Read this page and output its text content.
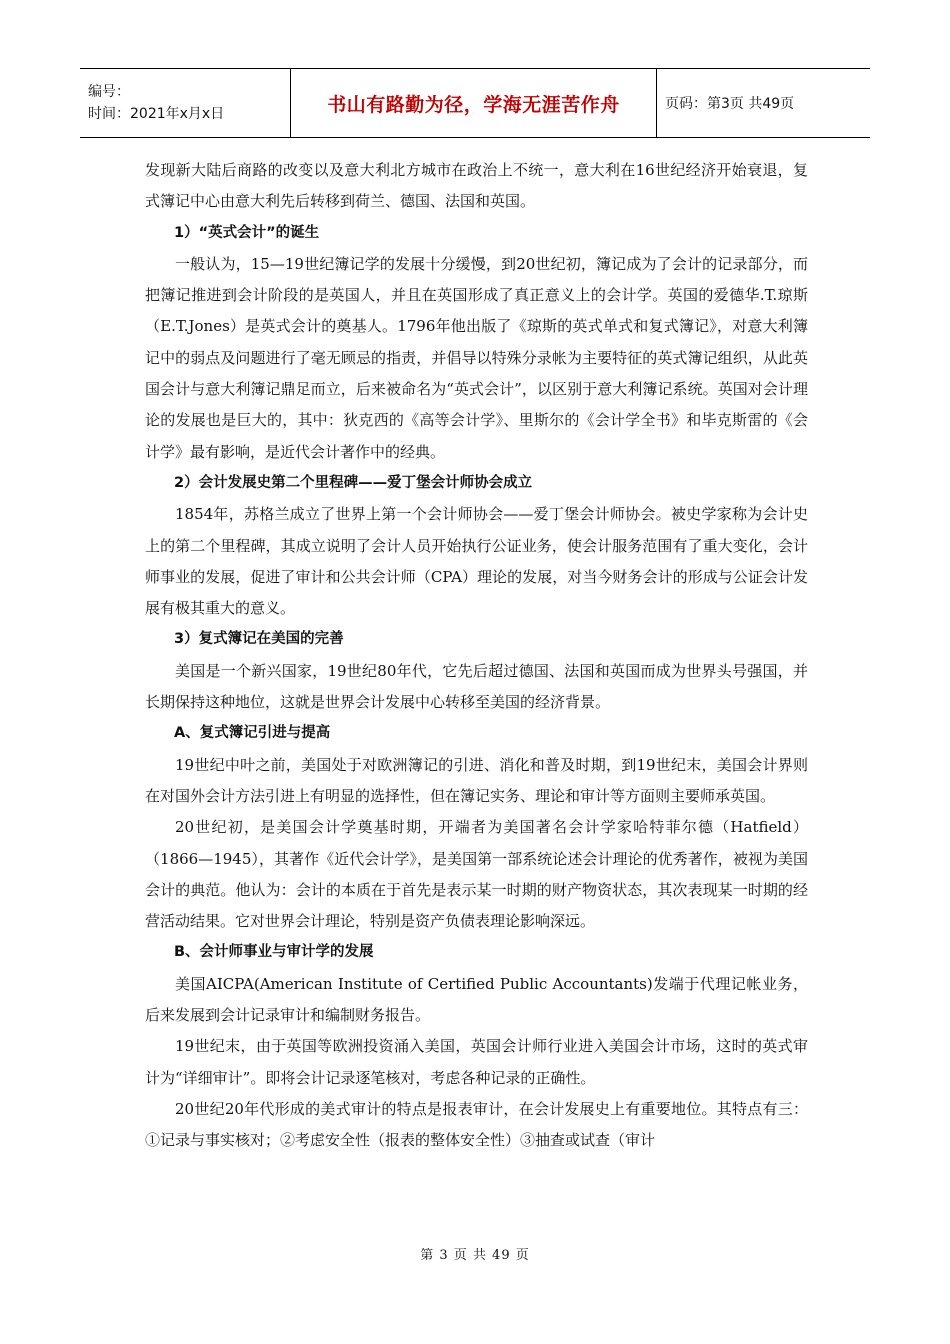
编号：
时间：2021年x月x日	书山有路勤为径，学海无涯苦作舟	页码：第3页 共49页

发现新大陆后商路的改变以及意大利北方城市在政治上不统一，意大利在16世纪经济开始衰退，复式簿记中心由意大利先后转移到荷兰、德国、法国和英国。

1）“英式会计”的诞生

一般认为，15—19世纪簿记学的发展十分缓慢，到20世纪初，簿记成为了会计的记录部分，而把簿记推进到会计阶段的是英国人，并且在英国形成了真正意义上的会计学。英国的爱德华.T.琼斯（E.T.Jones）是英式会计的奠基人。1796年他出版了《琼斯的英式单式和复式簿记》，对意大利簿记中的弱点及问题进行了毫无顾忌的指责，并倡导以特殊分录帐为主要特征的英式簿记组织，从此英国会计与意大利簿记鼎足而立，后来被命名为“英式会计”，以区别于意大利簿记系统。英国对会计理论的发展也是巨大的，其中：狄克西的《高等会计学》、里斯尔的《会计学全书》和毕克斯雷的《会计学》最有影响，是近代会计著作中的经典。

2）会计发展史第二个里程碑——爱丁堡会计师协会成立

1854年，苏格兰成立了世界上第一个会计师协会——爱丁堡会计师协会。被史学家称为会计史上的第二个里程碑，其成立说明了会计人员开始执行公证业务，使会计服务范围有了重大变化，会计师事业的发展，促进了审计和公共会计师（CPA）理论的发展，对当今财务会计的形成与公证会计发展有极其重大的意义。

3）复式簿记在美国的完善

美国是一个新兴国家，19世纪80年代，它先后超过德国、法国和英国而成为世界头号强国，并长期保持这种地位，这就是世界会计发展中心转移至美国的经济背景。

A、复式簿记引进与提高

19世纪中叶之前，美国处于对欧洲簿记的引进、消化和普及时期，到19世纪末，美国会计界则在对国外会计方法引进上有明显的选择性，但在簿记实务、理论和审计等方面则主要师承英国。

20世纪初，是美国会计学奠基时期，开端者为美国著名会计学家哈特菲尔德（Hatfield）（1866—1945），其著作《近代会计学》，是美国第一部系统论述会计理论的优秀著作，被视为美国会计的典范。他认为：会计的本质在于首先是表示某一时期的财产物资状态，其次表现某一时期的经营活动结果。它对世界会计理论，特别是资产负债表理论影响深远。

B、会计师事业与审计学的发展

美国AICPA(American Institute of Certified Public Accountants)发端于代理记帐业务，后来发展到会计记录审计和编制财务报告。

19世纪末，由于英国等欧洲投资涌入美国，英国会计师行业进入美国会计市场，这时的英式审计为“详细审计”。即将会计记录逐笔核对，考虑各种记录的正确性。

20世纪20年代形成的美式审计的特点是报表审计，在会计发展史上有重要地位。其特点有三：①记录与事实核对；②考虑安全性（报表的整体安全性）③抽查或试查（审计

第 3 页 共 49 页
